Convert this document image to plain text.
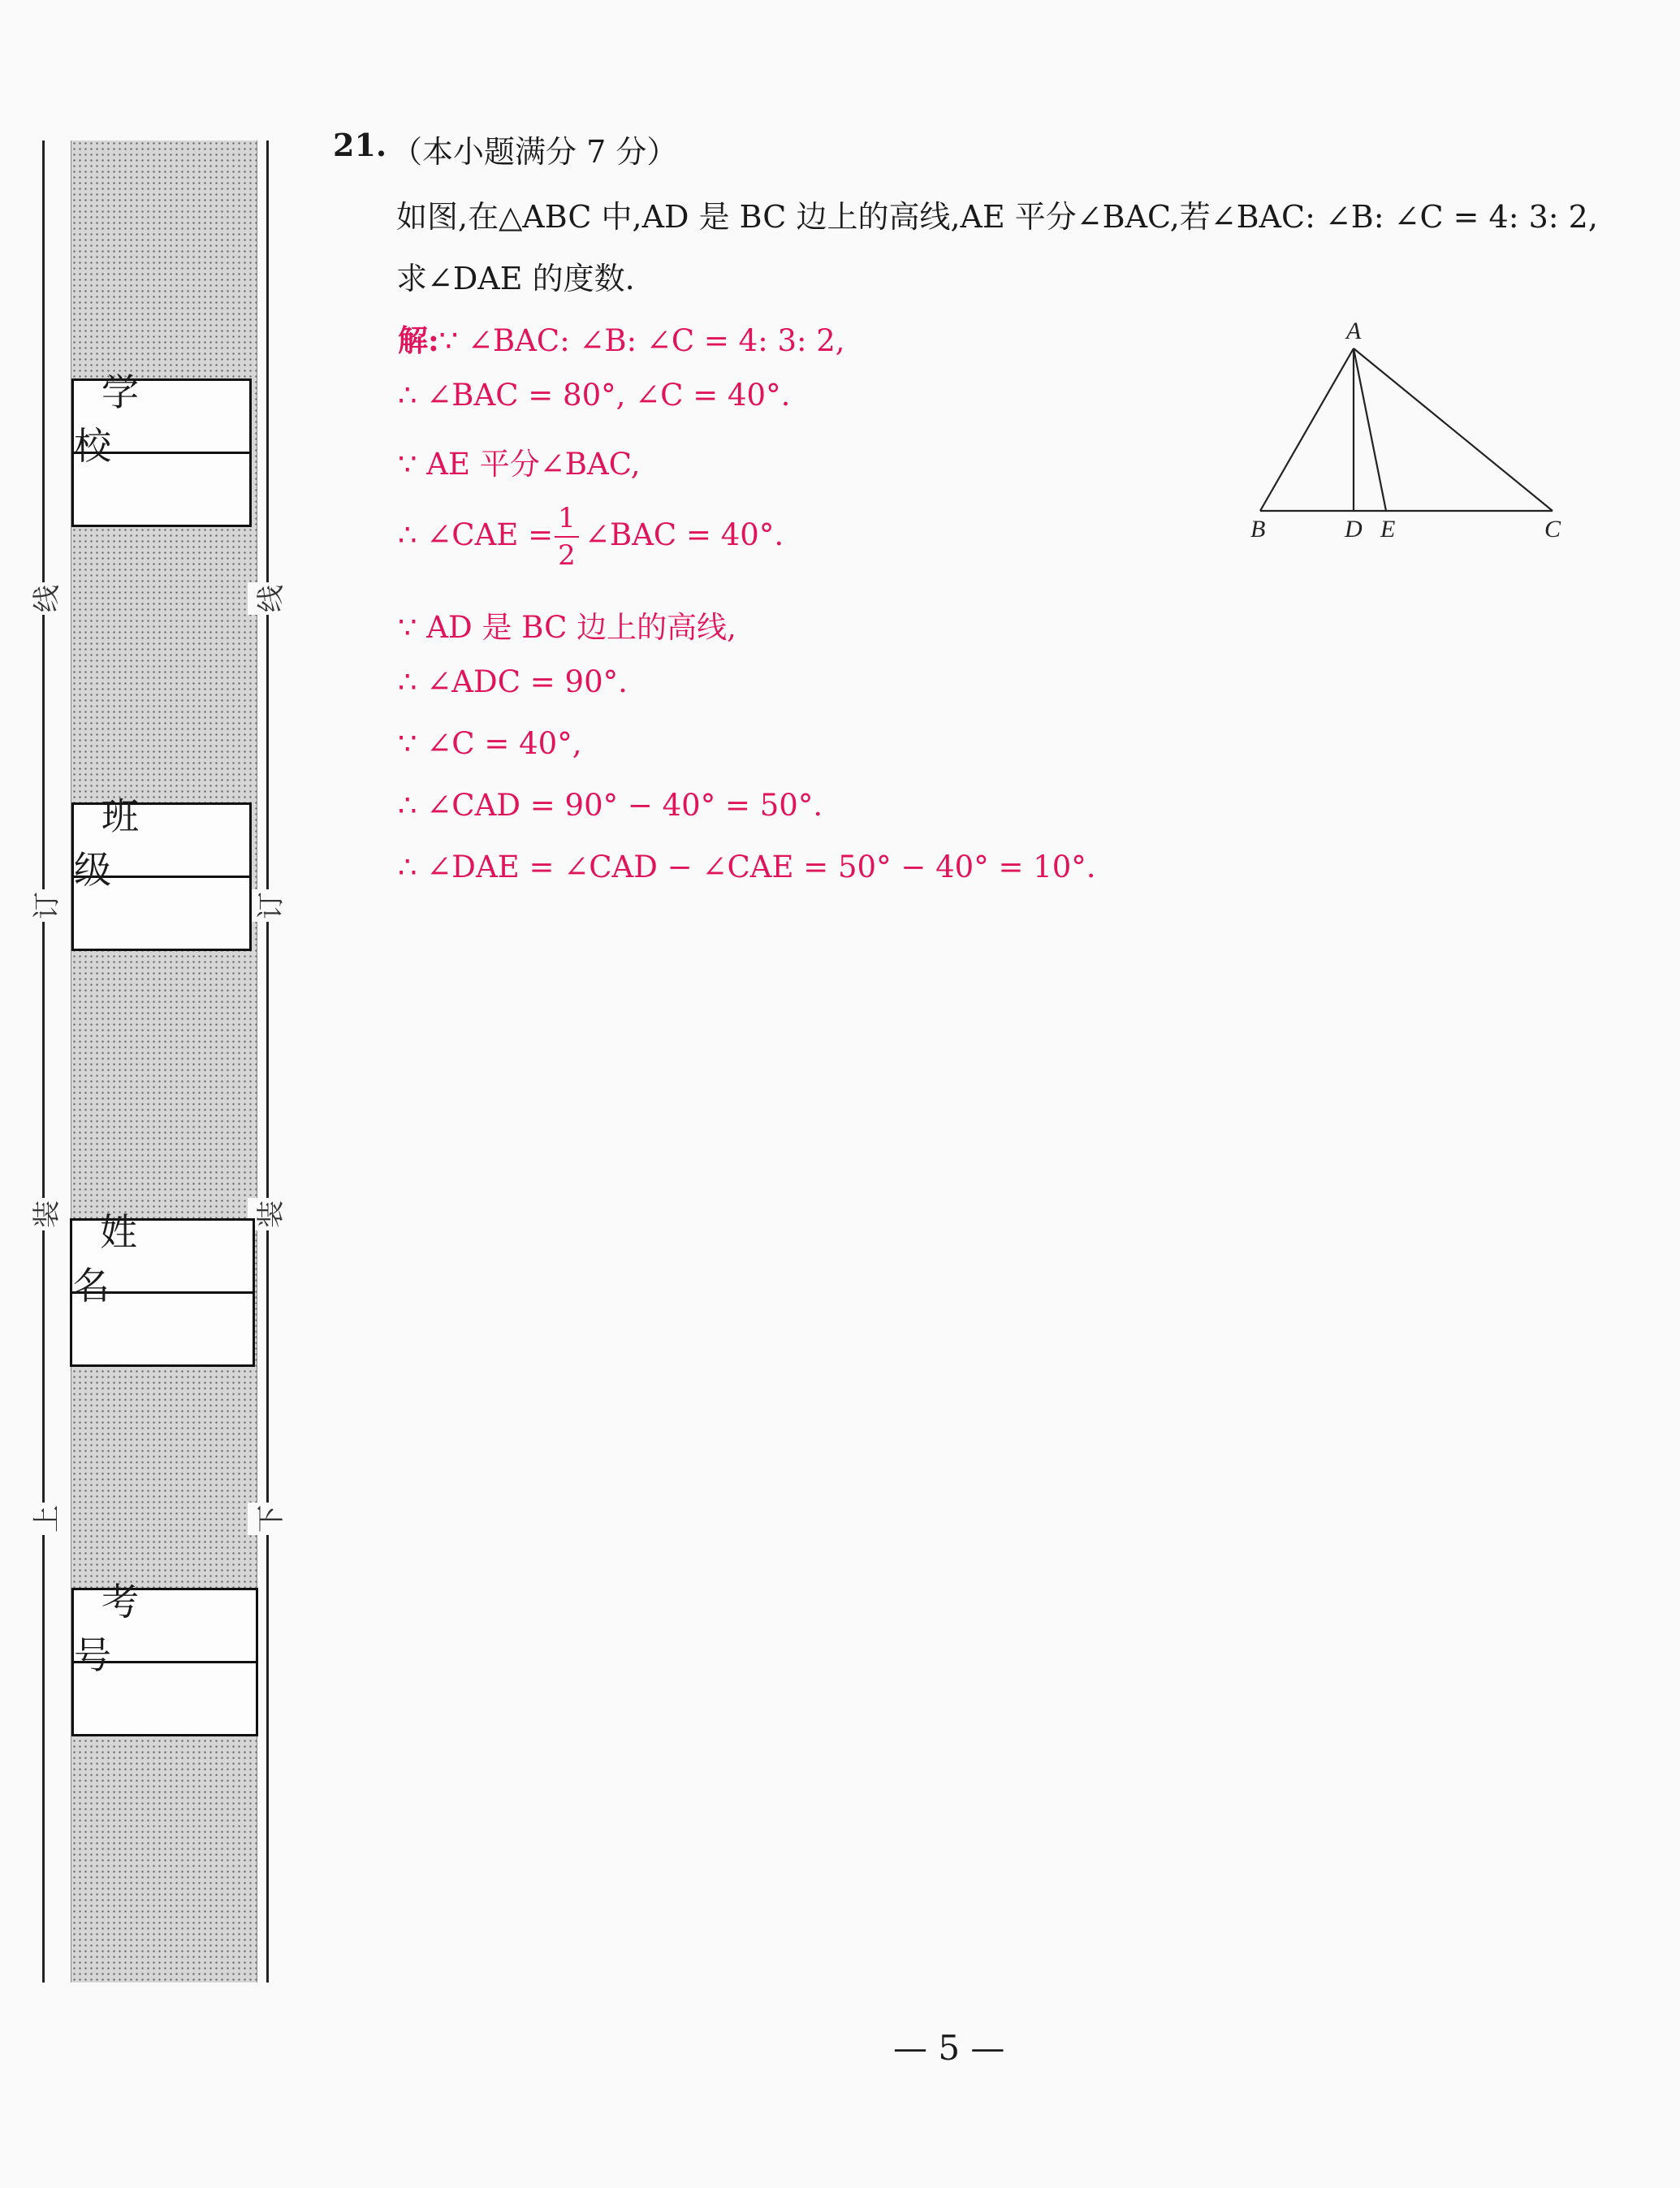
线
订
装
上
线
订
装
下
学 校
班 级
姓 名
考 号
21. （本小题满分 7 分）
如图,在△ABC 中,AD 是 BC 边上的高线,AE 平分∠BAC,若∠BAC: ∠B: ∠C = 4: 3: 2,
求∠DAE 的度数.
解:∵ ∠BAC: ∠B: ∠C = 4: 3: 2,
∴ ∠BAC = 80°, ∠C = 40°.
∵ AE 平分∠BAC,
∴ ∠CAE = 1
2
∠BAC = 40°.
∵ AD 是 BC 边上的高线,
∴ ∠ADC = 90°.
∵ ∠C = 40°,
∴ ∠CAD = 90° − 40° = 50°.
∴ ∠DAE = ∠CAD − ∠CAE = 50° − 40° = 10°.
A
B	D E	C
— 5 —
